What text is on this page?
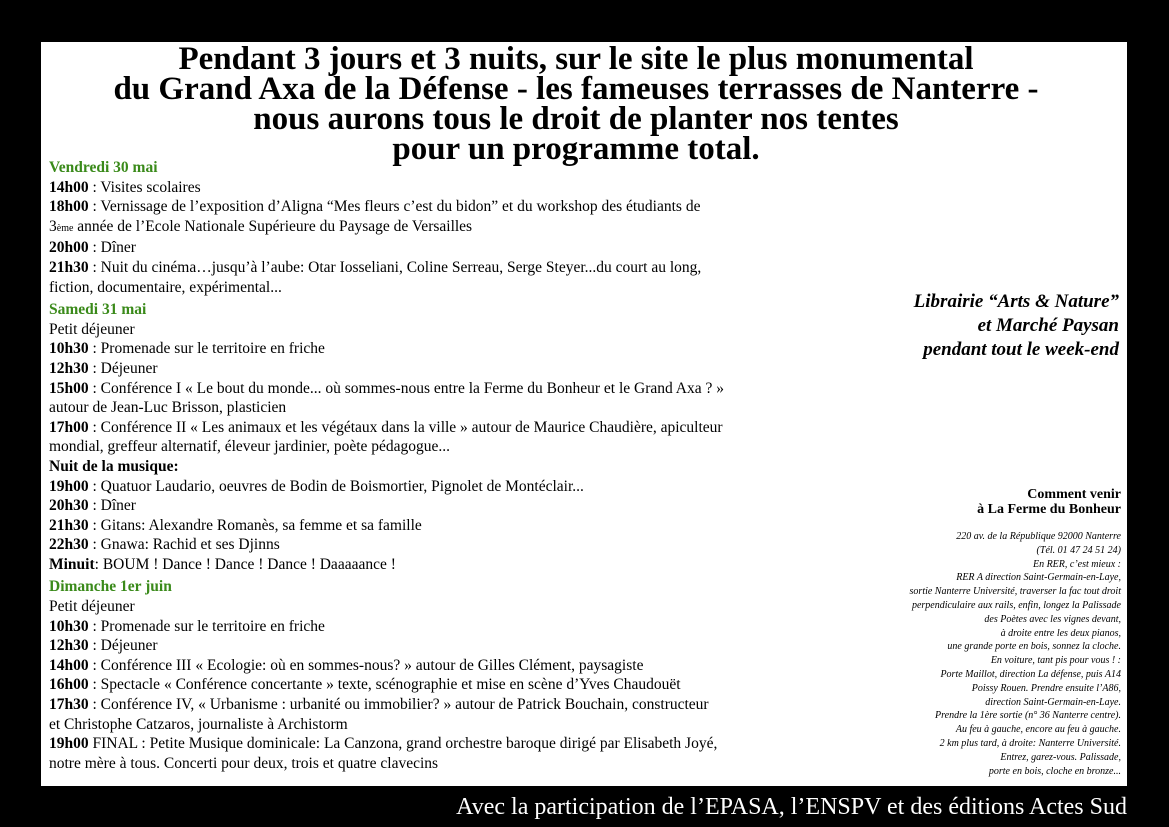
Pendant 3 jours et 3 nuits, sur le site le plus monumental
du Grand Axa de la Défense - les fameuses terrasses de Nanterre -
nous aurons tous le droit de planter nos tentes
pour un programme total.
Vendredi 30 mai
14h00 : Visites scolaires
18h00 : Vernissage de l’exposition d’Aligna “Mes fleurs c’est du bidon” et du workshop des étudiants de
3ème année de l’Ecole Nationale Supérieure du Paysage de Versailles
20h00 : Dîner
21h30 : Nuit du cinéma…jusqu’à l’aube: Otar Iosseliani, Coline Serreau, Serge Steyer...du court au long,
fiction, documentaire, expérimental...
Samedi 31 mai
Petit déjeuner
10h30 : Promenade sur le territoire en friche
12h30 : Déjeuner
15h00 : Conférence I « Le bout du monde... où sommes-nous entre la Ferme du Bonheur et le Grand Axa ? »
autour de Jean-Luc Brisson, plasticien
17h00 : Conférence II « Les animaux et les végétaux dans la ville » autour de Maurice Chaudière, apiculteur
mondial, greffeur alternatif, éleveur jardinier, poète pédagogue...
Nuit de la musique:
19h00 : Quatuor Laudario, oeuvres de Bodin de Boismortier, Pignolet de Montéclair...
20h30 : Dîner
21h30 : Gitans: Alexandre Romanès, sa femme et sa famille
22h30 : Gnawa: Rachid et ses Djinns
Minuit: BOUM ! Dance ! Dance ! Dance ! Daaaaance !
Dimanche 1er juin
Petit déjeuner
10h30 : Promenade sur le territoire en friche
12h30 : Déjeuner
14h00 : Conférence III « Ecologie: où en sommes-nous? » autour de Gilles Clément, paysagiste
16h00 : Spectacle « Conférence concertante » texte, scénographie et mise en scène d’Yves Chaudouët
17h30 : Conférence IV, « Urbanisme : urbanité ou immobilier? » autour de Patrick Bouchain, constructeur
et Christophe Catzaros, journaliste à Archistorm
19h00 FINAL : Petite Musique dominicale: La Canzona, grand orchestre baroque dirigé par Elisabeth Joyé,
notre mère à tous. Concerti pour deux, trois et quatre clavecins
Librairie “Arts & Nature”
et Marché Paysan
pendant tout le week-end
Comment venir
à La Ferme du Bonheur
220 av. de la République 92000 Nanterre
(Tél. 01 47 24 51 24)
En RER, c’est mieux :
RER A direction Saint-Germain-en-Laye,
sortie Nanterre Université, traverser la fac tout droit
perpendiculaire aux rails, enfin, longez la Palissade
des Poètes avec les vignes devant,
à droite entre les deux pianos,
une grande porte en bois, sonnez la cloche.
En voiture, tant pis pour vous ! :
Porte Maillot, direction La défense, puis A14
Poissy Rouen. Prendre ensuite l’A86,
direction Saint-Germain-en-Laye.
Prendre la 1ère sortie (n° 36 Nanterre centre).
Au feu à gauche, encore au feu à gauche.
2 km plus tard, à droite: Nanterre Université.
Entrez, garez-vous. Palissade,
porte en bois, cloche en bronze...
Avec la participation de l’EPASA, l’ENSPV et des éditions Actes Sud
